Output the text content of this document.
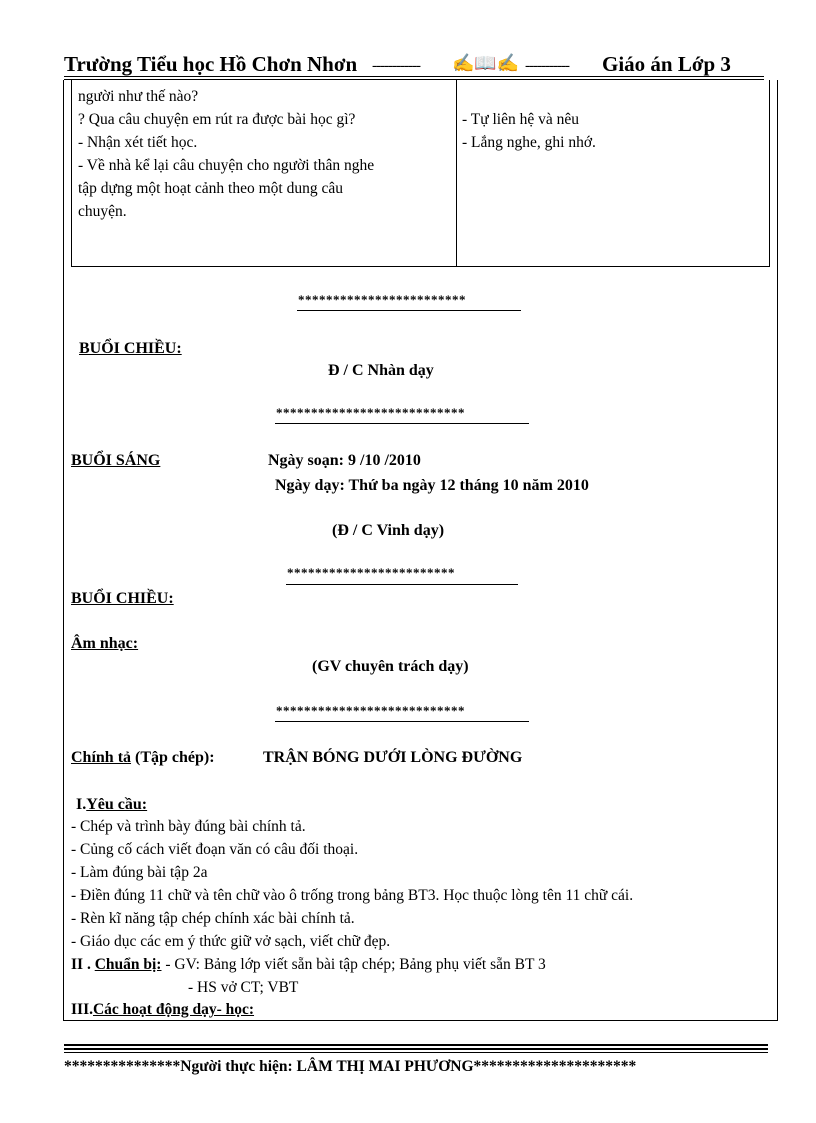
Trường Tiểu học Hồ Chơn Nhơn ------------ ✍📖✍ ----------- Giáo án Lớp 3
người như thế nào?
? Qua câu chuyện em rút ra được bài học gì?
- Nhận xét tiết học.
- Về nhà kể lại câu chuyện cho người thân nghe
tập dựng một hoạt cảnh theo một dung câu
chuyện.
- Tự liên hệ và nêu
- Lắng nghe, ghi nhớ.
************************
BUỔI CHIỀU:
Đ / C Nhàn dạy
***************************
BUỔI SÁNG	Ngày soạn: 9 /10 /2010
Ngày dạy: Thứ ba ngày 12 tháng 10 năm 2010
(Đ / C Vinh dạy)
************************
BUỔI CHIỀU:
Âm nhạc:
(GV chuyên trách dạy)
***************************
Chính tả (Tập chép):	TRẬN BÓNG DƯỚI LÒNG ĐƯỜNG
I.Yêu cầu:
- Chép và trình bày đúng bài chính tả.
- Củng cố cách viết đoạn văn có câu đối thoại.
- Làm đúng bài tập 2a
- Điền đúng 11 chữ và tên chữ vào ô trống trong bảng BT3. Học thuộc lòng tên 11 chữ cái.
- Rèn kĩ năng tập chép chính xác bài chính tả.
- Giáo dục các em ý thức giữ vở sạch, viết chữ đẹp.
II . Chuẩn bị: - GV: Bảng lớp viết sẵn bài tập chép; Bảng phụ viết sẵn BT 3
- HS vở CT; VBT
III.Các hoạt động dạy- học:
***************Người thực hiện: LÂM THỊ MAI PHƯƠNG*********************
